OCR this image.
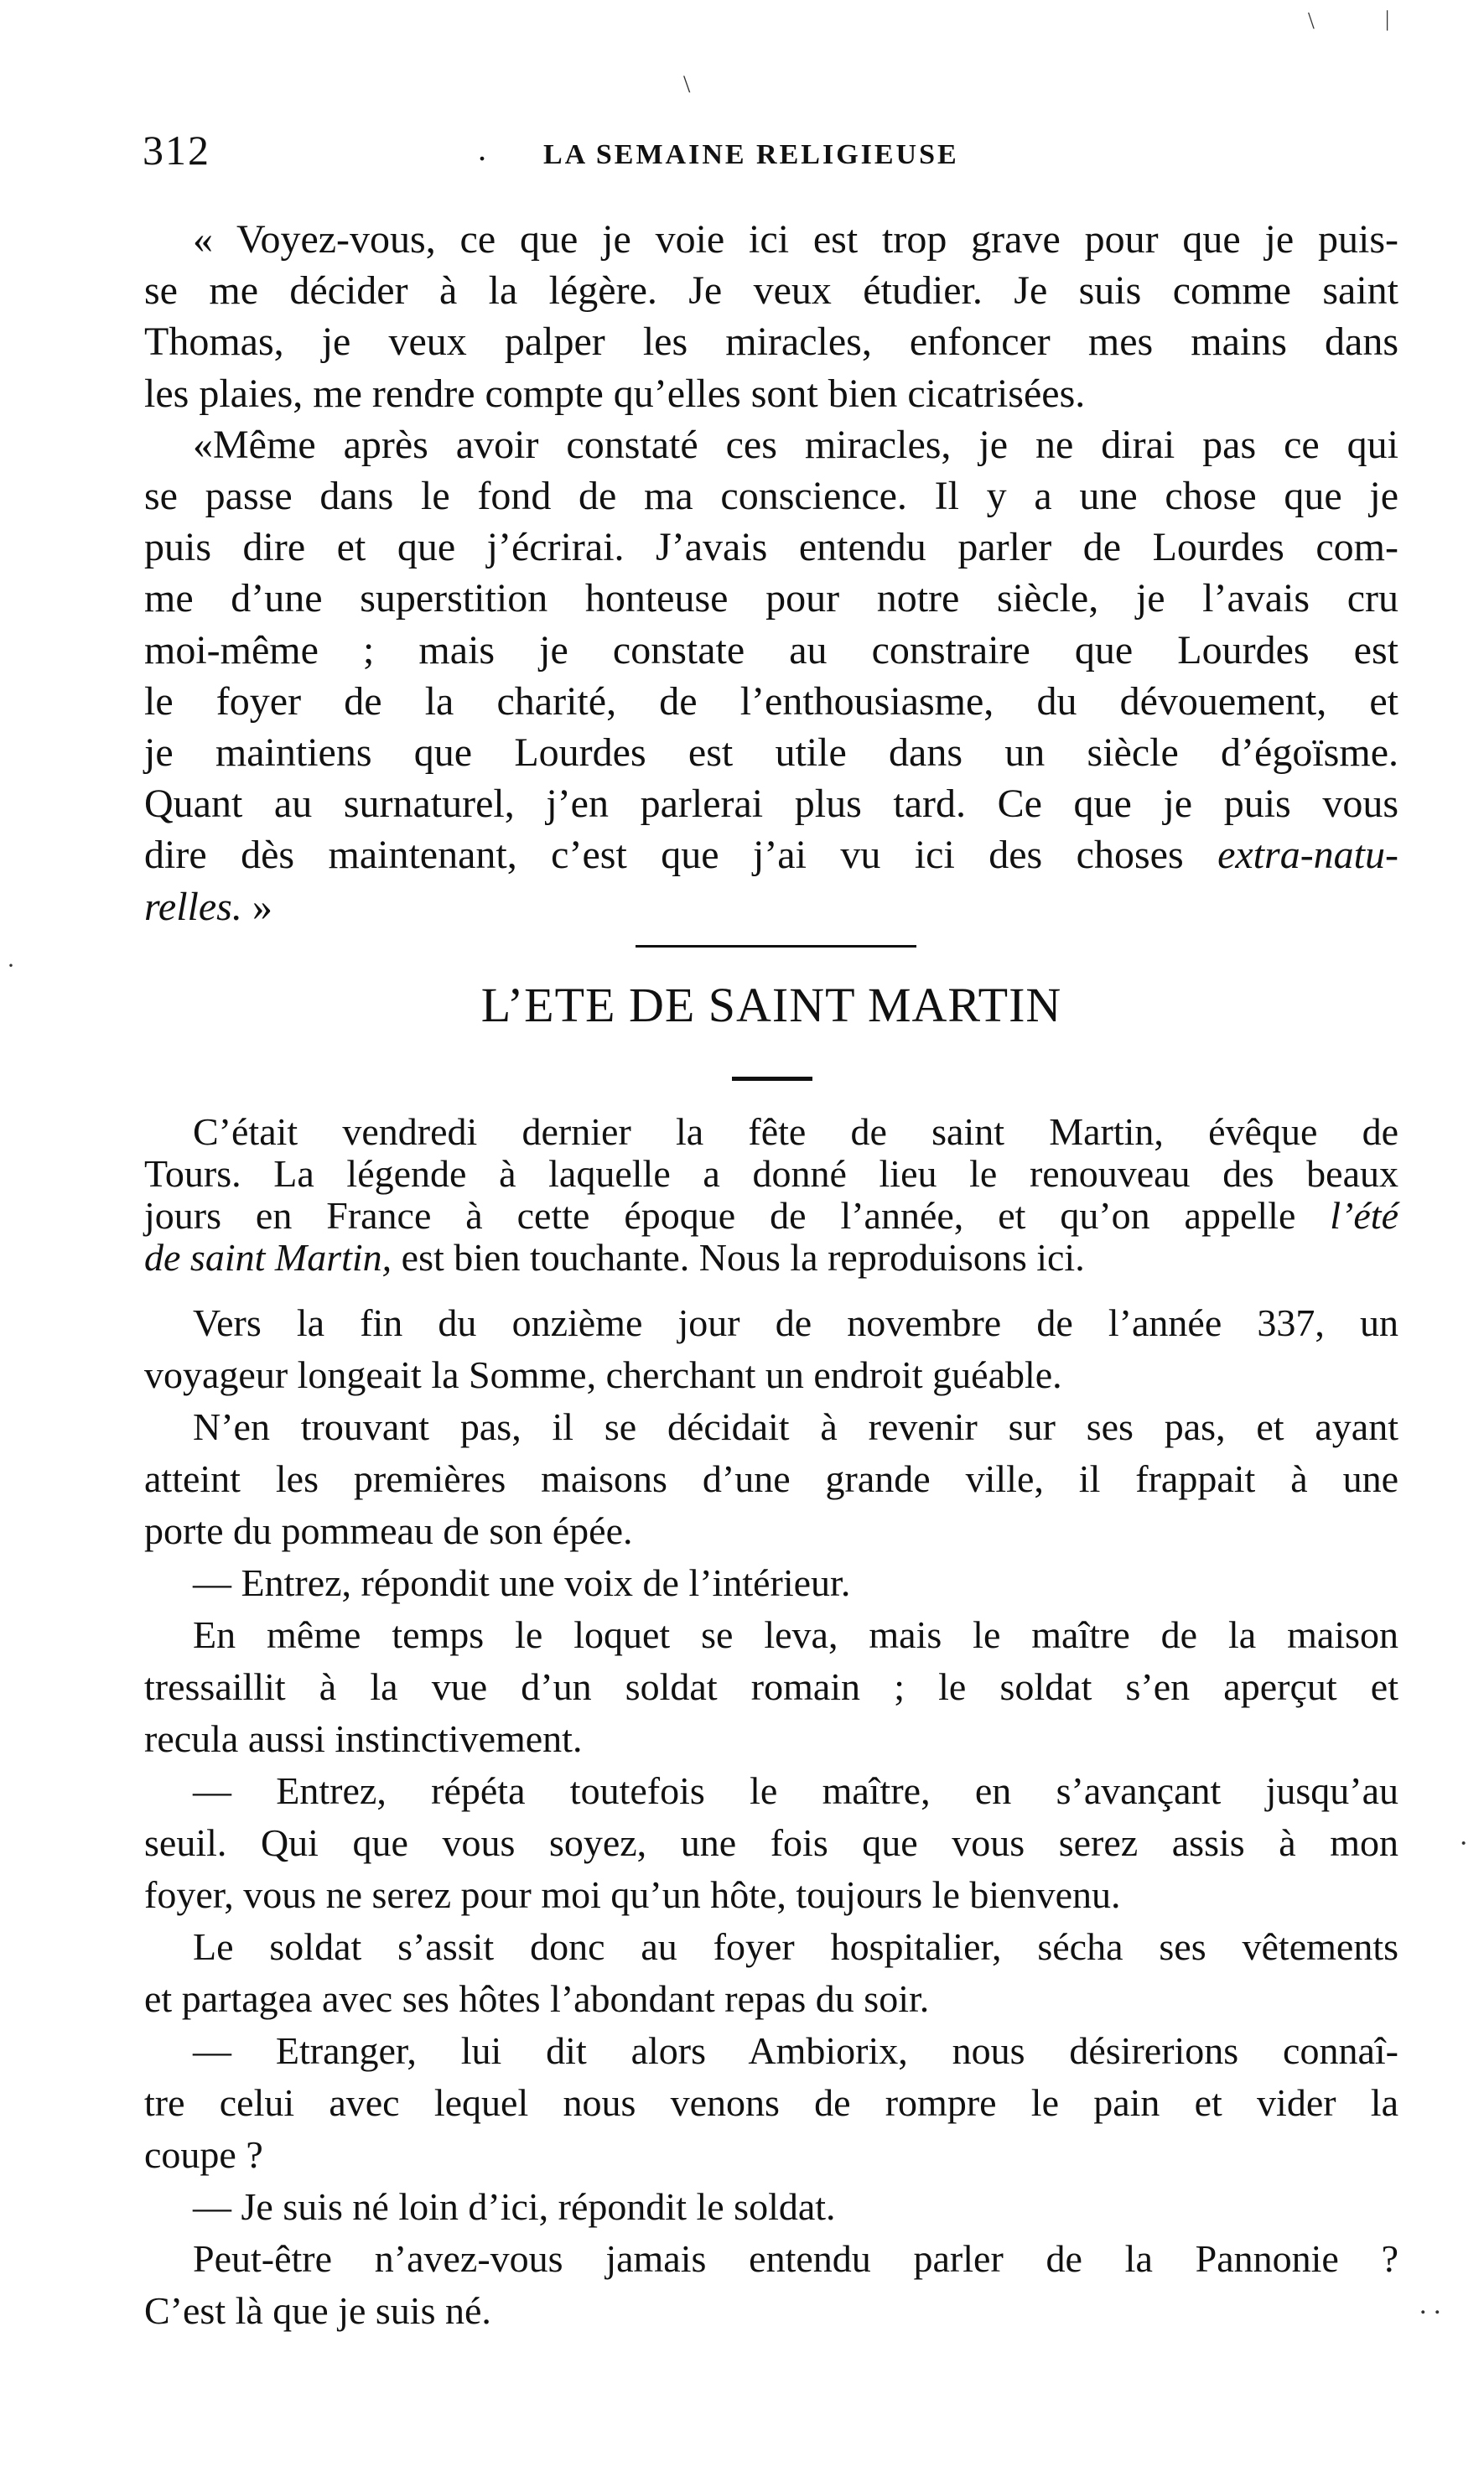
312	. LA SEMAINE RELIGIEUSE
« Voyez-vous, ce que je voie ici est trop grave pour que je puis-
se me décider à la légère. Je veux étudier. Je suis comme saint
Thomas, je veux palper les miracles, enfoncer mes mains dans
les plaies, me rendre compte qu’elles sont bien cicatrisées.
«Même après avoir constaté ces miracles, je ne dirai pas ce qui
se passe dans le fond de ma conscience. Il y a une chose que je
puis dire et que j’écrirai. J’avais entendu parler de Lourdes com-
me d’une superstition honteuse pour notre siècle, je l’avais cru
moi-même ; mais je constate au constraire que Lourdes est
le foyer de la charité, de l’enthousiasme, du dévouement, et
je maintiens que Lourdes est utile dans un siècle d’égoïsme.
Quant au surnaturel, j’en parlerai plus tard. Ce que je puis vous
dire dès maintenant, c’est que j’ai vu ici des choses extra-natu-
relles. »
L’ETE DE SAINT MARTIN
C’était vendredi dernier la fête de saint Martin, évêque de
Tours. La légende à laquelle a donné lieu le renouveau des beaux
jours en France à cette époque de l’année, et qu’on appelle l’été
de saint Martin, est bien touchante. Nous la reproduisons ici.
Vers la fin du onzième jour de novembre de l’année 337, un
voyageur longeait la Somme, cherchant un endroit guéable.
N’en trouvant pas, il se décidait à revenir sur ses pas, et ayant
atteint les premières maisons d’une grande ville, il frappait à une
porte du pommeau de son épée.
— Entrez, répondit une voix de l’intérieur.
En même temps le loquet se leva, mais le maître de la maison
tressaillit à la vue d’un soldat romain ; le soldat s’en aperçut et
recula aussi instinctivement.
— Entrez, répéta toutefois le maître, en s’avançant jusqu’au
seuil. Qui que vous soyez, une fois que vous serez assis à mon
foyer, vous ne serez pour moi qu’un hôte, toujours le bienvenu.
Le soldat s’assit donc au foyer hospitalier, sécha ses vêtements
et partagea avec ses hôtes l’abondant repas du soir.
— Etranger, lui dit alors Ambiorix, nous désirerions connaî-
tre celui avec lequel nous venons de rompre le pain et vider la
coupe ?
— Je suis né loin d’ici, répondit le soldat.
Peut-être n’avez-vous jamais entendu parler de la Pannonie ?
C’est là que je suis né.
\
\	|
. .
·
·
